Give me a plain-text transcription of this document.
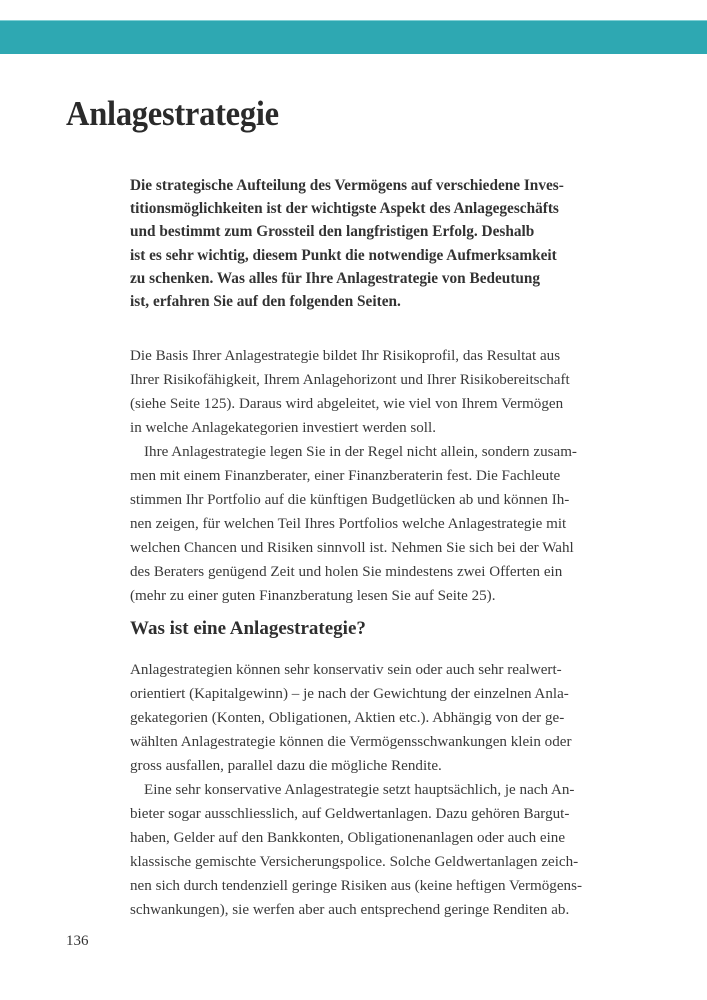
Anlagestrategie
Die strategische Aufteilung des Vermögens auf verschiedene Inves-
titionsmöglichkeiten ist der wichtigste Aspekt des Anlagegeschäfts
und bestimmt zum Grossteil den langfristigen Erfolg. Deshalb
ist es sehr wichtig, diesem Punkt die notwendige Aufmerksamkeit
zu schenken. Was alles für Ihre Anlagestrategie von Bedeutung
ist, erfahren Sie auf den folgenden Seiten.
Die Basis Ihrer Anlagestrategie bildet Ihr Risikoprofil, das Resultat aus
Ihrer Risikofähigkeit, Ihrem Anlagehorizont und Ihrer Risikobereitschaft
(siehe Seite 125). Daraus wird abgeleitet, wie viel von Ihrem Vermögen
in welche Anlagekategorien investiert werden soll.
Ihre Anlagestrategie legen Sie in der Regel nicht allein, sondern zusam-
men mit einem Finanzberater, einer Finanzberaterin fest. Die Fachleute
stimmen Ihr Portfolio auf die künftigen Budgetlücken ab und können Ih-
nen zeigen, für welchen Teil Ihres Portfolios welche Anlagestrategie mit
welchen Chancen und Risiken sinnvoll ist. Nehmen Sie sich bei der Wahl
des Beraters genügend Zeit und holen Sie mindestens zwei Offerten ein
(mehr zu einer guten Finanzberatung lesen Sie auf Seite 25).
Was ist eine Anlagestrategie?
Anlagestrategien können sehr konservativ sein oder auch sehr realwert-
orientiert (Kapitalgewinn) – je nach der Gewichtung der einzelnen Anla-
gekategorien (Konten, Obligationen, Aktien etc.). Abhängig von der ge-
wählten Anlagestrategie können die Vermögensschwankungen klein oder
gross ausfallen, parallel dazu die mögliche Rendite.
Eine sehr konservative Anlagestrategie setzt hauptsächlich, je nach An-
bieter sogar ausschliesslich, auf Geldwertanlagen. Dazu gehören Bargut-
haben, Gelder auf den Bankkonten, Obligationenanlagen oder auch eine
klassische gemischte Versicherungspolice. Solche Geldwertanlagen zeich-
nen sich durch tendenziell geringe Risiken aus (keine heftigen Vermögens-
schwankungen), sie werfen aber auch entsprechend geringe Renditen ab.
136
